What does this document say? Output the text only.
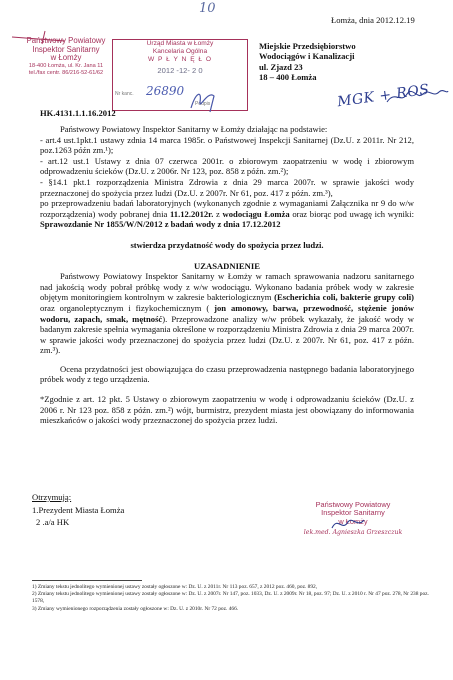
Łomża, dnia 2012.12.19
10
Państwowy Powiatowy
Inspektor Sanitarny
w Łomży
18-400 Łomża, ul. Kr. Jana 11
tel./fax centr. 86/216-52-61/62
Urząd Miasta w Łomży
Kancelaria Ogólna
W P Ł Y N Ę Ł O
2012 -12- 2 0
Nr kanc. 26890
Podpis
Miejskie Przedsiębiorstwo
Wodociągów i Kanalizacji
ul. Zjazd 23
18 – 400 Łomża
MGK + ROS
HK.4131.1.1.16.2012
Państwowy Powiatowy Inspektor Sanitarny w Łomży działając na podstawie:
- art.4 ust.1pkt.1 ustawy zdnia 14 marca 1985r. o Państwowej Inspekcji Sanitarnej (Dz.U. z 2011r. Nr 212, poz.1263 późn zm.¹);
- art.12 ust.1 Ustawy z dnia 07 czerwca 2001r. o zbiorowym zaopatrzeniu w wodę i zbiorowym odprowadzeniu ścieków (Dz.U. z 2006r. Nr 123, poz. 858 z późn. zm.²);
- §14.1 pkt.1 rozporządzenia Ministra Zdrowia z dnia 29 marca 2007r. w sprawie jakości wody przeznaczonej do spożycia przez ludzi (Dz.U. z 2007r. Nr 61, poz. 417 z późn. zm.³),
po przeprowadzeniu badań laboratoryjnych (wykonanych zgodnie z wymaganiami Załącznika nr 9 do w/w rozporządzenia) wody pobranej dnia 11.12.2012r. z wodociągu Łomża oraz biorąc pod uwagę ich wyniki: Sprawozdanie Nr 1855/W/N/2012 z badań wody z dnia 17.12.2012
stwierdza przydatność wody do spożycia przez ludzi.
UZASADNIENIE
Państwowy Powiatowy Inspektor Sanitarny w Łomży w ramach sprawowania nadzoru sanitarnego nad jakością wody pobrał próbkę wody z w/w wodociągu. Wykonano badania próbek wody w zakresie objętym monitoringiem kontrolnym w zakresie bakteriologicznym (Escherichia coli, bakterie grupy coli) oraz organoleptycznym i fizykochemicznym ( jon amonowy, barwa, przewodność, stężenie jonów wodoru, zapach, smak, mętność). Przeprowadzone analizy w/w próbek wykazały, że jakość wody w badanym zakresie spełnia wymagania określone w rozporządzeniu Ministra Zdrowia z dnia 29 marca 2007r. w sprawie jakości wody przeznaczonej do spożycia przez ludzi (Dz.U. z 2007r. Nr 61, poz. 417 z późn. zm.³).
Ocena przydatności jest obowiązująca do czasu przeprowadzenia następnego badania laboratoryjnego próbek wody z tego urządzenia.
*Zgodnie z art. 12 pkt. 5 Ustawy o zbiorowym zaopatrzeniu w wodę i odprowadzaniu ścieków (Dz.U. z 2006 r. Nr 123 poz. 858 z późn. zm.²) wójt, burmistrz, prezydent miasta jest obowiązany do informowania mieszkańców o jakości wody przeznaczonej do spożycia przez ludzi.
Otrzymują:
1.Prezydent Miasta Łomża
2 .a/a HK
Państwowy Powiatowy
Inspektor Sanitarny
w Łomży
lek.med. Agnieszka Grzeszczuk
1) Zmiany tekstu jednolitego wymienionej ustawy zostały ogłoszone w: Dz. U. z 2011r. Nr 113 poz. 657, z 2012 poz. 460, poz. 892,
2) Zmiany tekstu jednolitego wymienionej ustawy zostały ogłoszone w: Dz. U. z 2007r. Nr 147, poz. 1033, Dz. U. z 2009r. Nr 18, poz. 97; Dz. U. z 2010 r. Nr 47 poz. 278, Nr 238 poz. 1578,
3) Zmiany wymienionego rozporządzenia zostały ogłoszone w: Dz. U. z 2010r. Nr 72 poz. 466.
